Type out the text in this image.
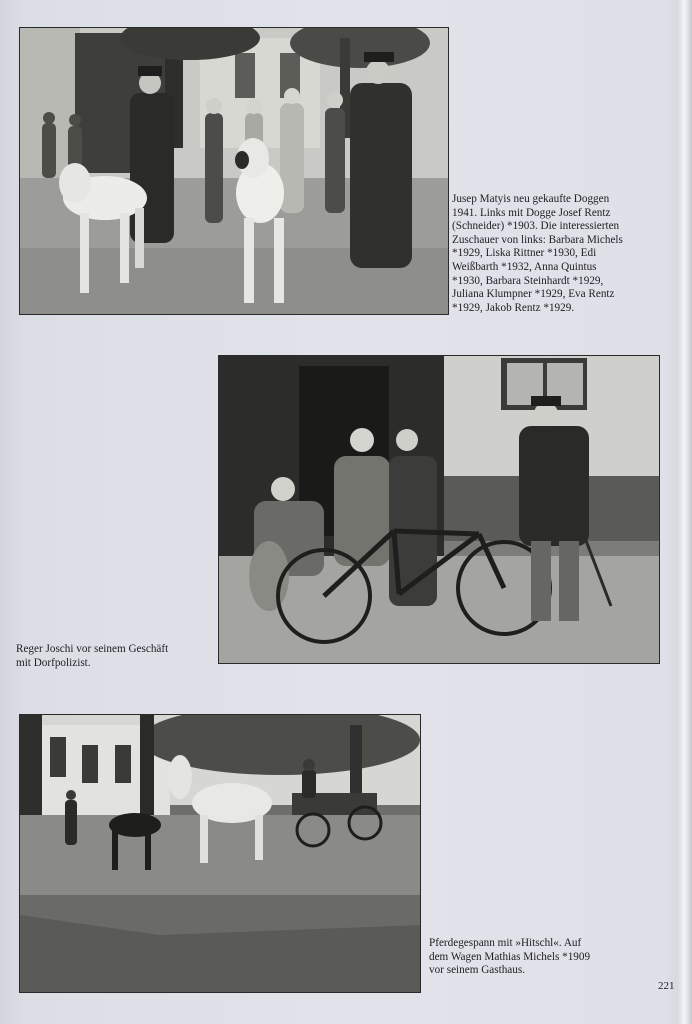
Jusep Matyis neu gekaufte Doggen
1941. Links mit Dogge Josef Rentz
(Schneider) *1903. Die interessierten
Zuschauer von links: Barbara Michels
*1929, Liska Rittner *1930, Edi
Weißbarth *1932, Anna Quintus
*1930, Barbara Steinhardt *1929,
Juliana Klumpner *1929, Eva Rentz
*1929, Jakob Rentz *1929.
Reger Joschi vor seinem Geschäft
mit Dorfpolizist.
Pferdegespann mit »Hitschl«. Auf
dem Wagen Mathias Michels *1909
vor seinem Gasthaus.
221
